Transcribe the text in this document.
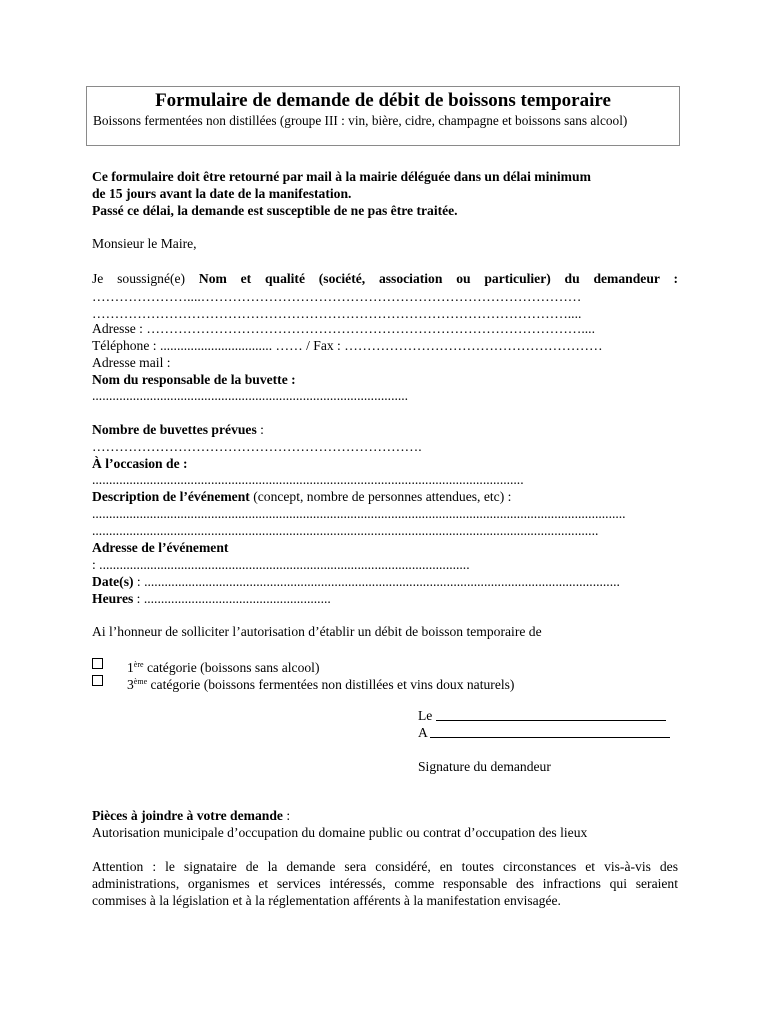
Formulaire de demande de débit de boissons temporaire
Boissons fermentées non distillées (groupe III : vin, bière, cidre, champagne et boissons sans alcool)
Ce formulaire doit être retourné par mail à la mairie déléguée dans un délai minimum
de 15 jours avant la date de la manifestation.
Passé ce délai, la demande est susceptible de ne pas être traitée.
Monsieur le Maire,
Je soussigné(e) Nom et qualité (société, association ou particulier) du demandeur :
…………………....…………………………………………………………………………
……………………………………………………………………………………………....
Adresse : ……………………………………………………………………………………....
Téléphone : ................................. …… / Fax : …………………………………………………
Adresse mail :
Nom du responsable de la buvette :
.............................................................................................
Nombre de buvettes prévues :
……………………………………………………………….
À l’occasion de :
...............................................................................................................................
Description de l’événement (concept, nombre de personnes attendues, etc) :
.............................................................................................................................................................
.....................................................................................................................................................
Adresse de l’événement
: .............................................................................................................
Date(s) : ............................................................................................................................................
Heures : .......................................................
Ai l’honneur de solliciter l’autorisation d’établir un débit de boisson temporaire de
1ère catégorie (boissons sans alcool)
3ème catégorie (boissons fermentées non distillées et vins doux naturels)
Le
A
Signature du demandeur
Pièces à joindre à votre demande :
Autorisation municipale d’occupation du domaine public ou contrat d’occupation des lieux
Attention : le signataire de la demande sera considéré, en toutes circonstances et vis-à-vis des administrations, organismes et services intéressés, comme responsable des infractions qui seraient commises à la législation et à la réglementation afférents à la manifestation envisagée.
